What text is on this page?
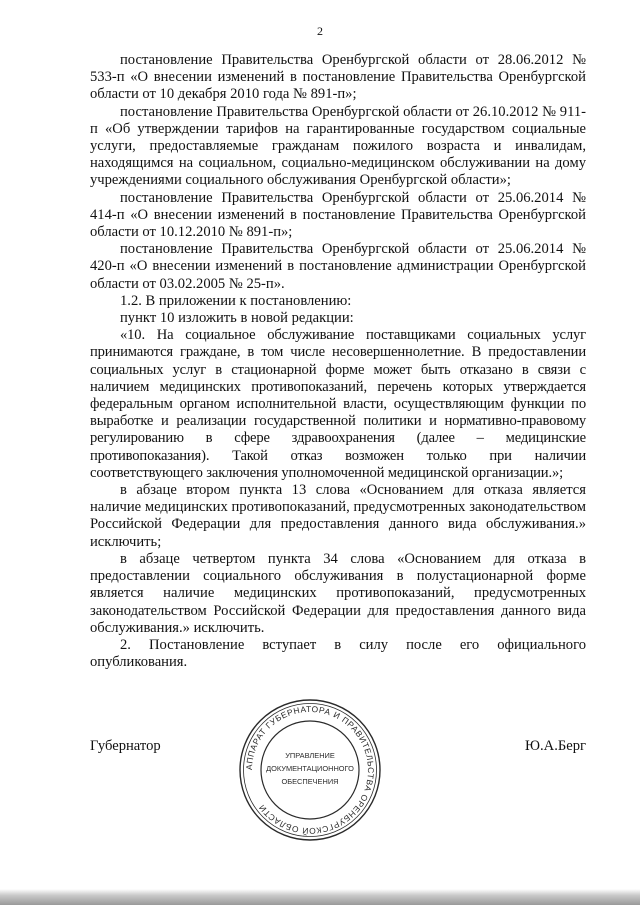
2

постановление Правительства Оренбургской области от 28.06.2012 № 533-п «О внесении изменений в постановление Правительства Оренбургской области от 10 декабря 2010 года № 891-п»;

постановление Правительства Оренбургской области от 26.10.2012 № 911-п «Об утверждении тарифов на гарантированные государством социальные услуги, предоставляемые гражданам пожилого возраста и инвалидам, находящимся на социальном, социально-медицинском обслуживании на дому учреждениями социального обслуживания Оренбургской области»;

постановление Правительства Оренбургской области от 25.06.2014 № 414-п «О внесении изменений в постановление Правительства Оренбургской области от 10.12.2010 № 891-п»;

постановление Правительства Оренбургской области от 25.06.2014 № 420-п «О внесении изменений в постановление администрации Оренбургской области от 03.02.2005 № 25-п».

1.2. В приложении к постановлению:

пункт 10 изложить в новой редакции:

«10. На социальное обслуживание поставщиками социальных услуг принимаются граждане, в том числе несовершеннолетние. В предоставлении социальных услуг в стационарной форме может быть отказано в связи с наличием медицинских противопоказаний, перечень которых утверждается федеральным органом исполнительной власти, осуществляющим функции по выработке и реализации государственной политики и нормативно-правовому регулированию в сфере здравоохранения (далее – медицинские противопоказания). Такой отказ возможен только при наличии соответствующего заключения уполномоченной медицинской организации.»;

в абзаце втором пункта 13 слова «Основанием для отказа является наличие медицинских противопоказаний, предусмотренных законодательством Российской Федерации для предоставления данного вида обслуживания.» исключить;

в абзаце четвертом пункта 34 слова «Основанием для отказа в предоставлении социального обслуживания в полустационарной форме является наличие медицинских противопоказаний, предусмотренных законодательством Российской Федерации для предоставления данного вида обслуживания.» исключить.

2. Постановление вступает в силу после его официального опубликования.

Губернатор	Ю.А.Берг
АППАРАТ ГУБЕРНАТОРА И ПРАВИТЕЛЬСТВА ОРЕНБУРГСКОЙ ОБЛАСТИ
УПРАВЛЕНИЕ
ДОКУМЕНТАЦИОННОГО
ОБЕСПЕЧЕНИЯ
